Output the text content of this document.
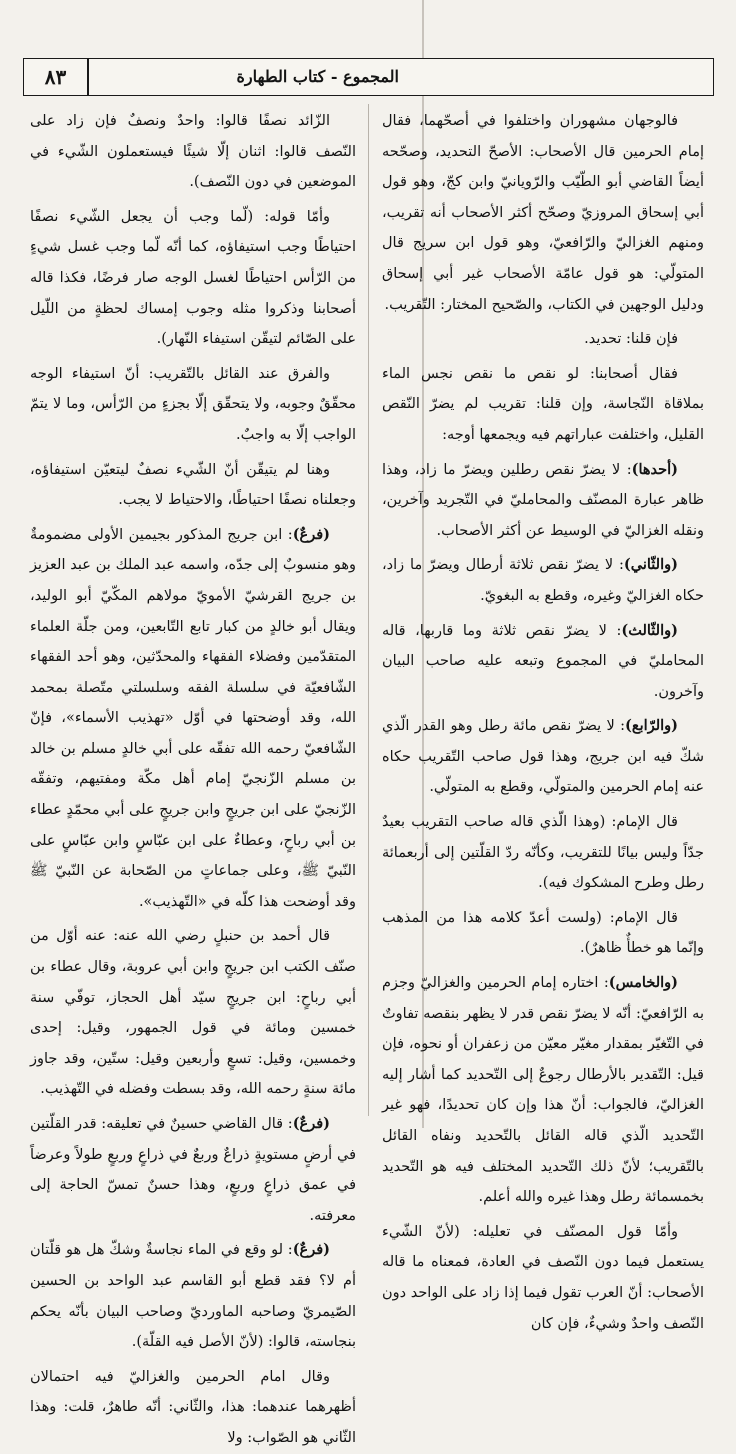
٨٣	المجموع - كتاب الطهارة

فالوجهان مشهوران واختلفوا في أصحّهما، فقال إمام الحرمين قال الأصحاب: الأصحّ التحديد، وصحّحه أيضاً القاضي أبو الطّيّب والرّويانيّ وابن كجّ، وهو قول أبي إسحاق المروزيّ وصحّح أكثر الأصحاب أنه تقريب، ومنهم الغزاليّ والرّافعيّ، وهو قول ابن سريج قال المتولّي: هو قول عامّة الأصحاب غير أبي إسحاق ودليل الوجهين في الكتاب، والصّحيح المختار: التّقريب.

فإن قلنا: تحديد.

فقال أصحابنا: لو نقص ما نقص نجس الماء بملاقاة النّجاسة، وإن قلنا: تقريب لم يضرّ النّقص القليل، واختلفت عباراتهم فيه ويجمعها أوجه:

(أحدها): لا يضرّ نقص رطلين ويضرّ ما زاد، وهذا ظاهر عبارة المصنّف والمحامليّ في التّجريد وآخرين، ونقله الغزاليّ في الوسيط عن أكثر الأصحاب.

(والثّاني): لا يضرّ نقص ثلاثة أرطال ويضرّ ما زاد، حكاه الغزاليّ وغيره، وقطع به البغويّ.

(والثّالث): لا يضرّ نقص ثلاثة وما قاربها، قاله المحامليّ في المجموع وتبعه عليه صاحب البيان وآخرون.

(والرّابع): لا يضرّ نقص مائة رطل وهو القدر الّذي شكّ فيه ابن جريج، وهذا قول صاحب التّقريب حكاه عنه إمام الحرمين والمتولّي، وقطع به المتولّي.

قال الإمام: (وهذا الّذي قاله صاحب التقريب بعيدٌ جدّاً وليس بيانًا للتقريب، وكأنّه ردّ القلّتين إلى أربعمائة رطل وطرح المشكوك فيه).

قال الإمام: (ولست أعدّ كلامه هذا من المذهب وإنّما هو خطأٌ ظاهرٌ).

(والخامس): اختاره إمام الحرمين والغزاليّ وجزم به الرّافعيّ: أنّه لا يضرّ نقص قدر لا يظهر بنقصه تفاوتٌ في التّغيّر بمقدار مغيّر معيّن من زعفران أو نحوه، فإن قيل: التّقدير بالأرطال رجوعٌ إلى التّحديد كما أشار إليه الغزاليّ، فالجواب: أنّ هذا وإن كان تحديدًا، فهو غير التّحديد الّذي قاله القائل بالتّحديد ونفاه القائل بالتّقريب؛ لأنّ ذلك التّحديد المختلف فيه هو التّحديد بخمسمائة رطل وهذا غيره والله أعلم.

وأمّا قول المصنّف في تعليله: (لأنّ الشّيء يستعمل فيما دون النّصف في العادة، فمعناه ما قاله الأصحاب: أنّ العرب تقول فيما إذا زاد على الواحد دون النّصف واحدٌ وشيءٌ، فإن كان

الزّائد نصفًا قالوا: واحدٌ ونصفٌ فإن زاد على النّصف قالوا: اثنان إلّا شيئًا فيستعملون الشّيء في الموضعين في دون النّصف).

وأمّا قوله: (لّما وجب أن يجعل الشّيء نصفًا احتياطًا وجب استيفاؤه، كما أنّه لّما وجب غسل شيءٍ من الرّأس احتياطًا لغسل الوجه صار فرضًا، فكذا قاله أصحابنا وذكروا مثله وجوب إمساك لحظةٍ من اللّيل على الصّائم لتيقّن استيفاء النّهار).

والفرق عند القائل بالتّقريب: أنّ استيفاء الوجه محقّقٌ وجوبه، ولا يتحقّق إلّا بجزءٍ من الرّأس، وما لا يتمّ الواجب إلّا به واجبٌ.

وهنا لم يتيقّن أنّ الشّيء نصفٌ ليتعيّن استيفاؤه، وجعلناه نصفًا احتياطًا، والاحتياط لا يجب.

(فرعٌ): ابن جريج المذكور بجيمين الأولى مضمومةٌ وهو منسوبٌ إلى جدّه، واسمه عبد الملك بن عبد العزيز بن جريج القرشيّ الأمويّ مولاهم المكّيّ أبو الوليد، ويقال أبو خالدٍ من كبار تابع التّابعين، ومن جلّة العلماء المتقدّمين وفضلاء الفقهاء والمحدّثين، وهو أحد الفقهاء الشّافعيّة في سلسلة الفقه وسلسلتي متّصلة بمحمد الله، وقد أوضحتها في أوّل «تهذيب الأسماء»، فإنّ الشّافعيّ رحمه الله تفقّه على أبي خالدٍ مسلم بن خالد بن مسلم الزّنجيّ إمام أهل مكّة ومفتيهم، وتفقّه الزّنجيّ على ابن جريجٍ وابن جريجٍ على أبي محمّدٍ عطاء بن أبي رباحٍ، وعطاءٌ على ابن عبّاسٍ وابن عبّاسٍ على النّبيّ ﷺ، وعلى جماعاتٍ من الصّحابة عن النّبيّ ﷺ وقد أوضحت هذا كلّه في «التّهذيب».

قال أحمد بن حنبلٍ رضي الله عنه: عنه أوّل من صنّف الكتب ابن جريجٍ وابن أبي عروبة، وقال عطاء بن أبي رباحٍ: ابن جريجٍ سيّد أهل الحجاز، توفّي سنة خمسين ومائة في قول الجمهور، وقيل: إحدى وخمسين، وقيل: تسعٍ وأربعين وقيل: ستّين، وقد جاوز مائة سنةٍ رحمه الله، وقد بسطت وفضله في التّهذيب.

(فرعٌ): قال القاضي حسينٌ في تعليقه: قدر القلّتين في أرضٍ مستويةٍ ذراعٌ وربعٌ في ذراعٍ وربعٍ طولاً وعرضاً في عمق ذراعٍ وربعٍ، وهذا حسنٌ تمسّ الحاجة إلى معرفته.

(فرعٌ): لو وقع في الماء نجاسةٌ وشكّ هل هو قلّتان أم لا؟ فقد قطع أبو القاسم عبد الواحد بن الحسين الصّيمريّ وصاحبه الماورديّ وصاحب البيان بأنّه يحكم بنجاسته، قالوا: (لأنّ الأصل فيه القلّة).

وقال امام الحرمين والغزاليّ فيه احتمالان أظهرهما عندهما: هذا، والثّاني: أنّه طاهرٌ، قلت: وهذا الثّاني هو الصّواب: ولا
